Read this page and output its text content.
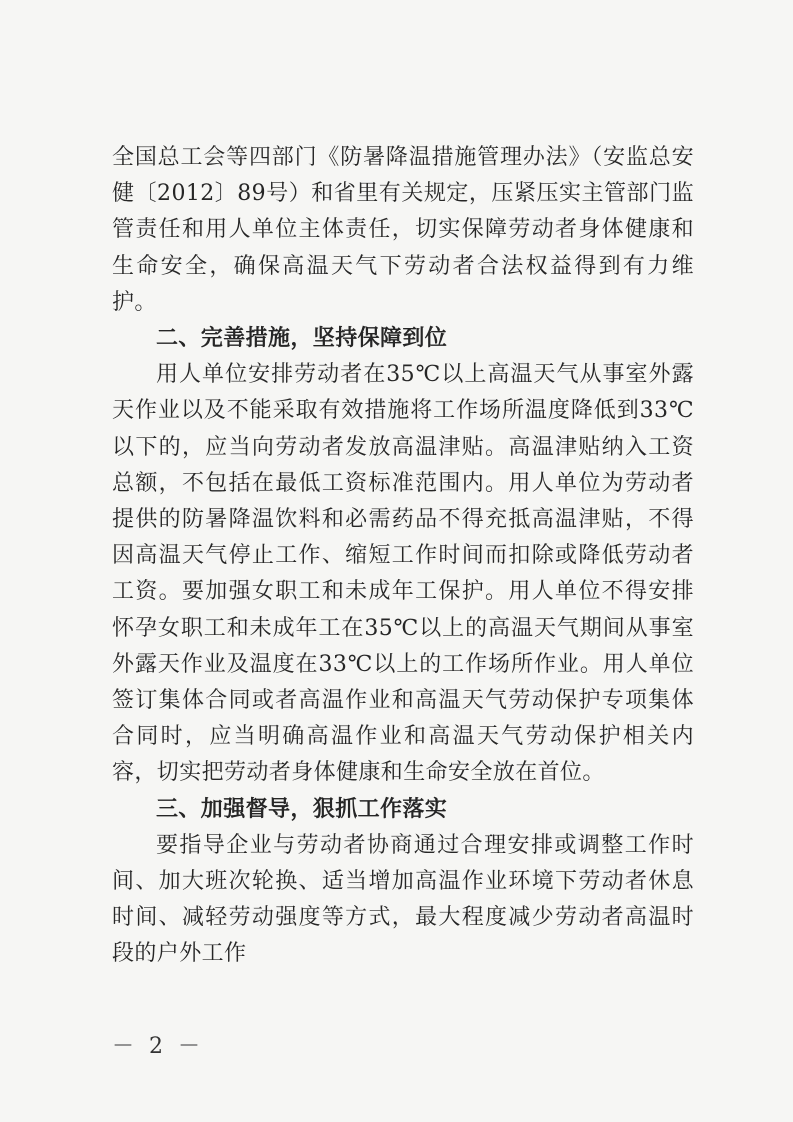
全国总工会等四部门《防暑降温措施管理办法》（安监总安健〔2012〕89号）和省里有关规定，压紧压实主管部门监管责任和用人单位主体责任，切实保障劳动者身体健康和生命安全，确保高温天气下劳动者合法权益得到有力维护。

二、完善措施，坚持保障到位

用人单位安排劳动者在35℃以上高温天气从事室外露天作业以及不能采取有效措施将工作场所温度降低到33℃以下的，应当向劳动者发放高温津贴。高温津贴纳入工资总额，不包括在最低工资标准范围内。用人单位为劳动者提供的防暑降温饮料和必需药品不得充抵高温津贴，不得因高温天气停止工作、缩短工作时间而扣除或降低劳动者工资。要加强女职工和未成年工保护。用人单位不得安排怀孕女职工和未成年工在35℃以上的高温天气期间从事室外露天作业及温度在33℃以上的工作场所作业。用人单位签订集体合同或者高温作业和高温天气劳动保护专项集体合同时，应当明确高温作业和高温天气劳动保护相关内容，切实把劳动者身体健康和生命安全放在首位。

三、加强督导，狠抓工作落实

要指导企业与劳动者协商通过合理安排或调整工作时间、加大班次轮换、适当增加高温作业环境下劳动者休息时间、减轻劳动强度等方式，最大程度减少劳动者高温时段的户外工作

－ 2 －
